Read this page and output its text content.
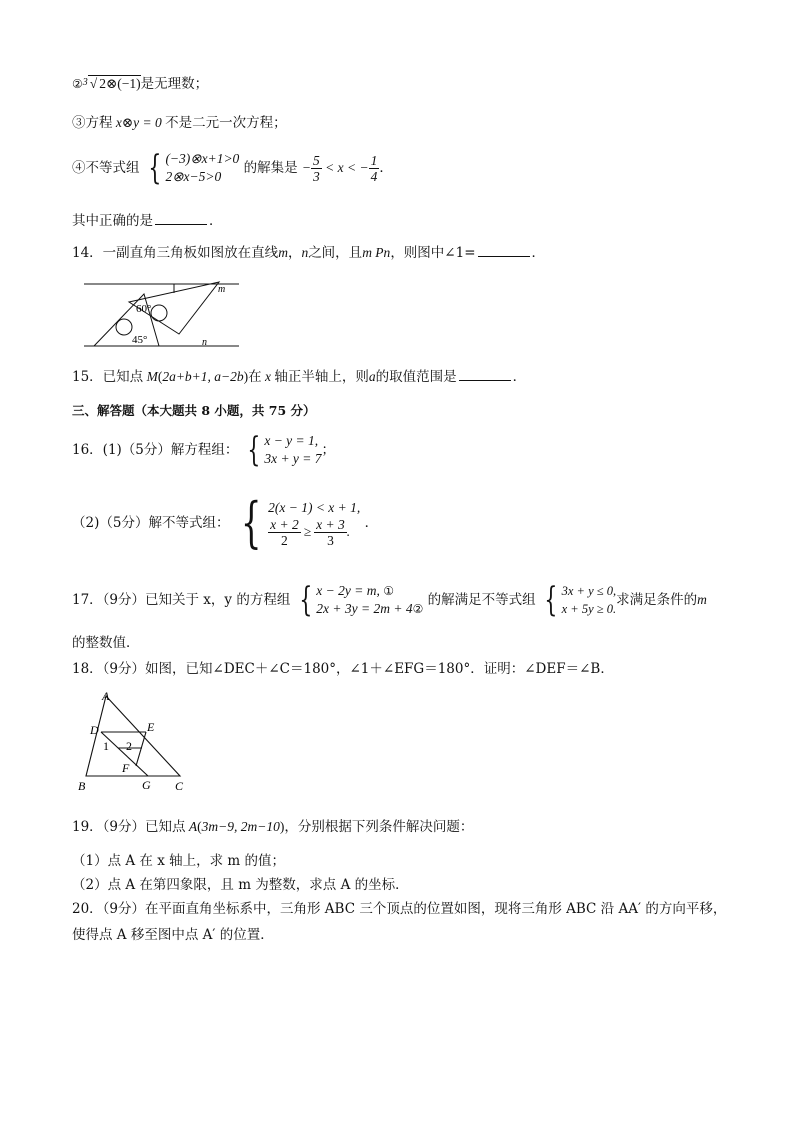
②$^3$ √ 2⊗(−1)是无理数；
③方程 x⊗y = 0 不是二元一次方程；
④不等式组 { (−3)⊗x+1>0
2⊗x−5>0
的解集是 − $\frac{5}{3} < x$ < − $\frac{1}{4}$ ．
其中正确的是	．
14．一副直角三角板如图放在直线m，n之间，且m Pn，则图中∠1=	．
m
n
60°
45°
15．已知点 M(2a+b+1, a−2b)在 x 轴正半轴上，则a的取值范围是	．
三、解答题（本大题共 8 小题，共 75 分）
16．(1)（5分）解方程组： { x − y = 1,
3x + y = 7
；
（2)（5分）解不等式组： { 2(x − 1) < x + 1,
$\frac{x + 2}{2} \ge \frac{x + 3}{3}$ .
．
17．（9分）已知关于 x，y 的方程组 { x − 2y = m, ①
2x + 3y = 2m + 4②
的解满足不等式组 { 3x + y ≤ 0,
x + 5y ≥ 0.
求满足条件的m
的整数值．
18．（9分）如图，已知∠DEC＋∠C＝180°，∠1＋∠EFG＝180°．证明：∠DEF＝∠B．
A
B	C
D	E
F
G
1 2
19．（9分）已知点 A(3m−9, 2m−10)，分别根据下列条件解决问题：
（1）点 A 在 x 轴上，求 m 的值；
（2）点 A 在第四象限，且 m 为整数，求点 A 的坐标．
20．（9分）在平面直角坐标系中，三角形 ABC 三个顶点的位置如图，现将三角形 ABC 沿 AA′ 的方向平移，
使得点 A 移至图中点 A′ 的位置．
